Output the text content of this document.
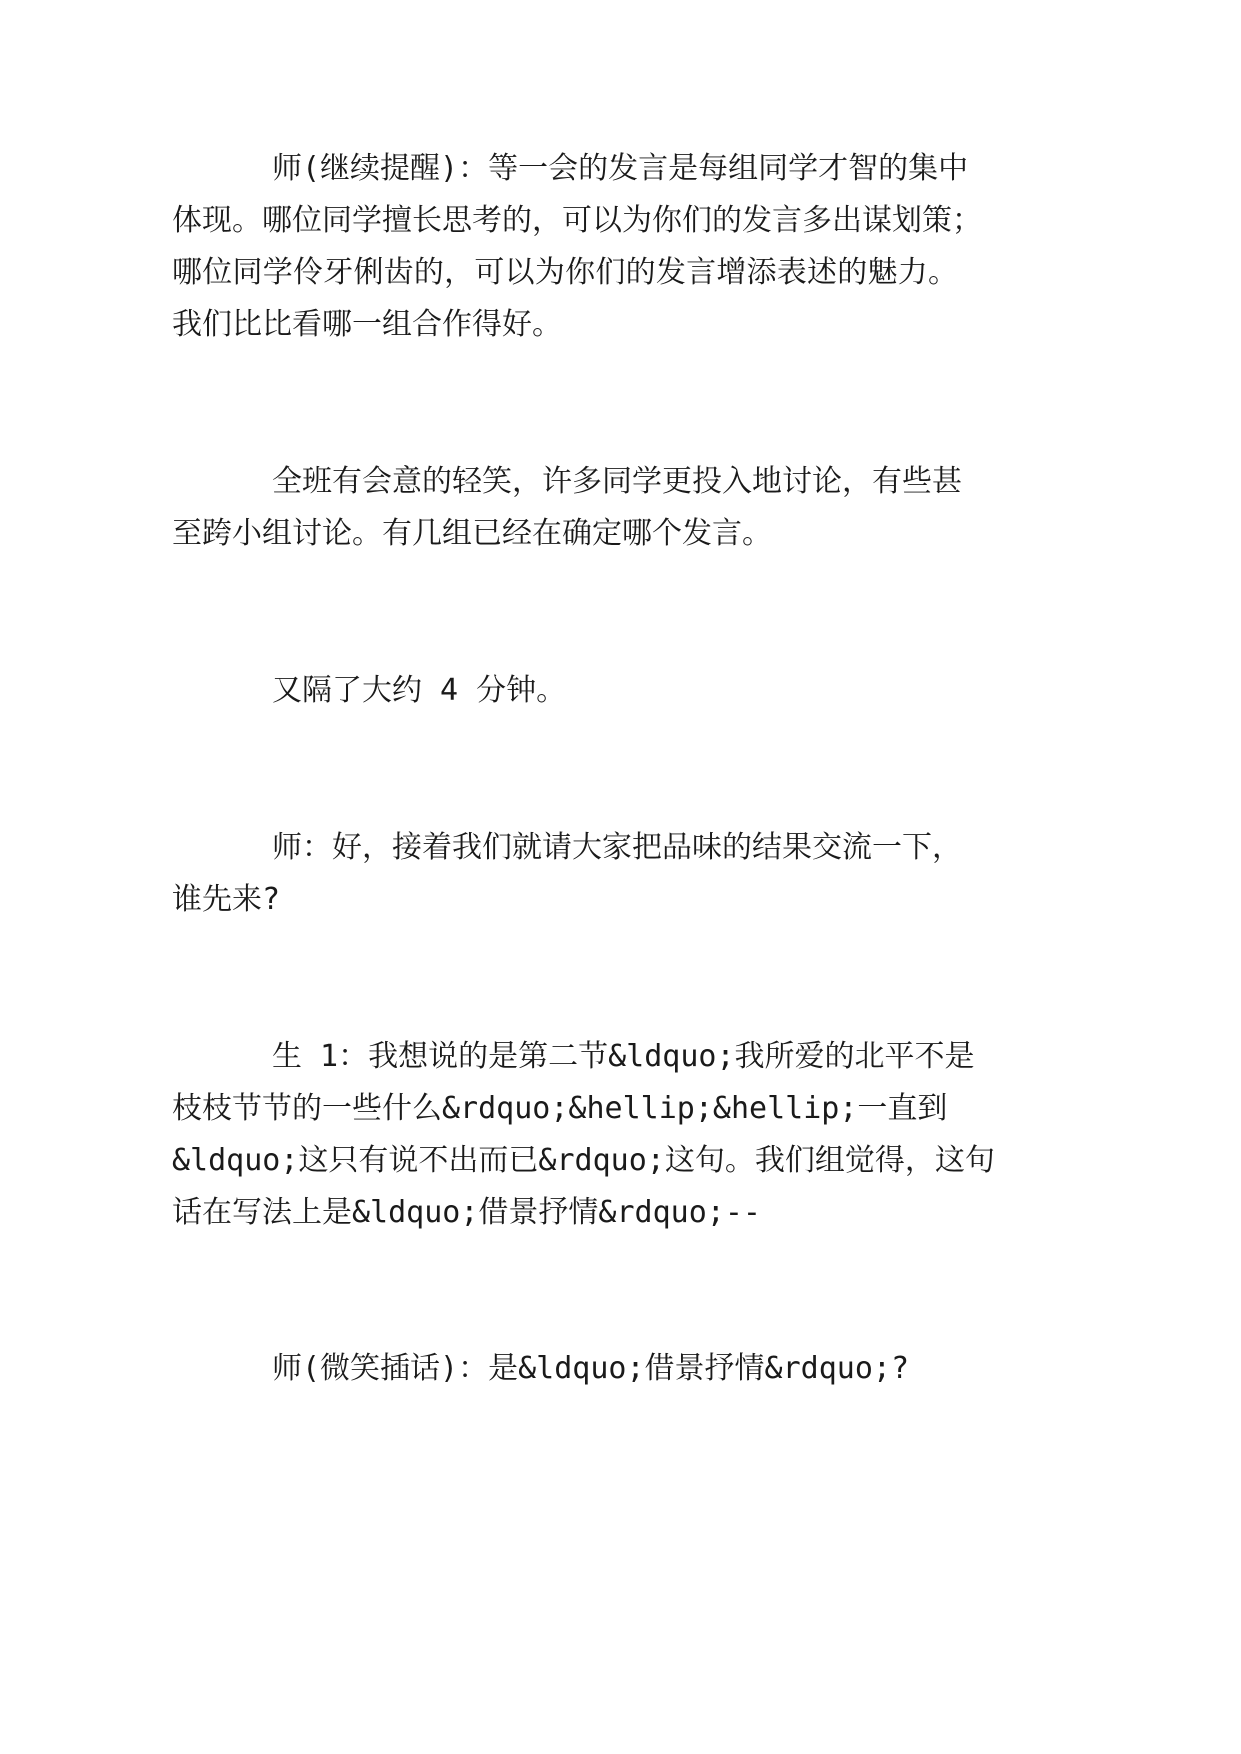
师(继续提醒)：等一会的发言是每组同学才智的集中
体现。哪位同学擅长思考的，可以为你们的发言多出谋划策；
哪位同学伶牙俐齿的，可以为你们的发言增添表述的魅力。
我们比比看哪一组合作得好。
全班有会意的轻笑，许多同学更投入地讨论，有些甚
至跨小组讨论。有几组已经在确定哪个发言。
又隔了大约 4 分钟。
师：好，接着我们就请大家把品味的结果交流一下，
谁先来?
生 1：我想说的是第二节&ldquo;我所爱的北平不是
枝枝节节的一些什么&rdquo;&hellip;&hellip;一直到
&ldquo;这只有说不出而已&rdquo;这句。我们组觉得，这句
话在写法上是&ldquo;借景抒情&rdquo;--
师(微笑插话)：是&ldquo;借景抒情&rdquo;?
